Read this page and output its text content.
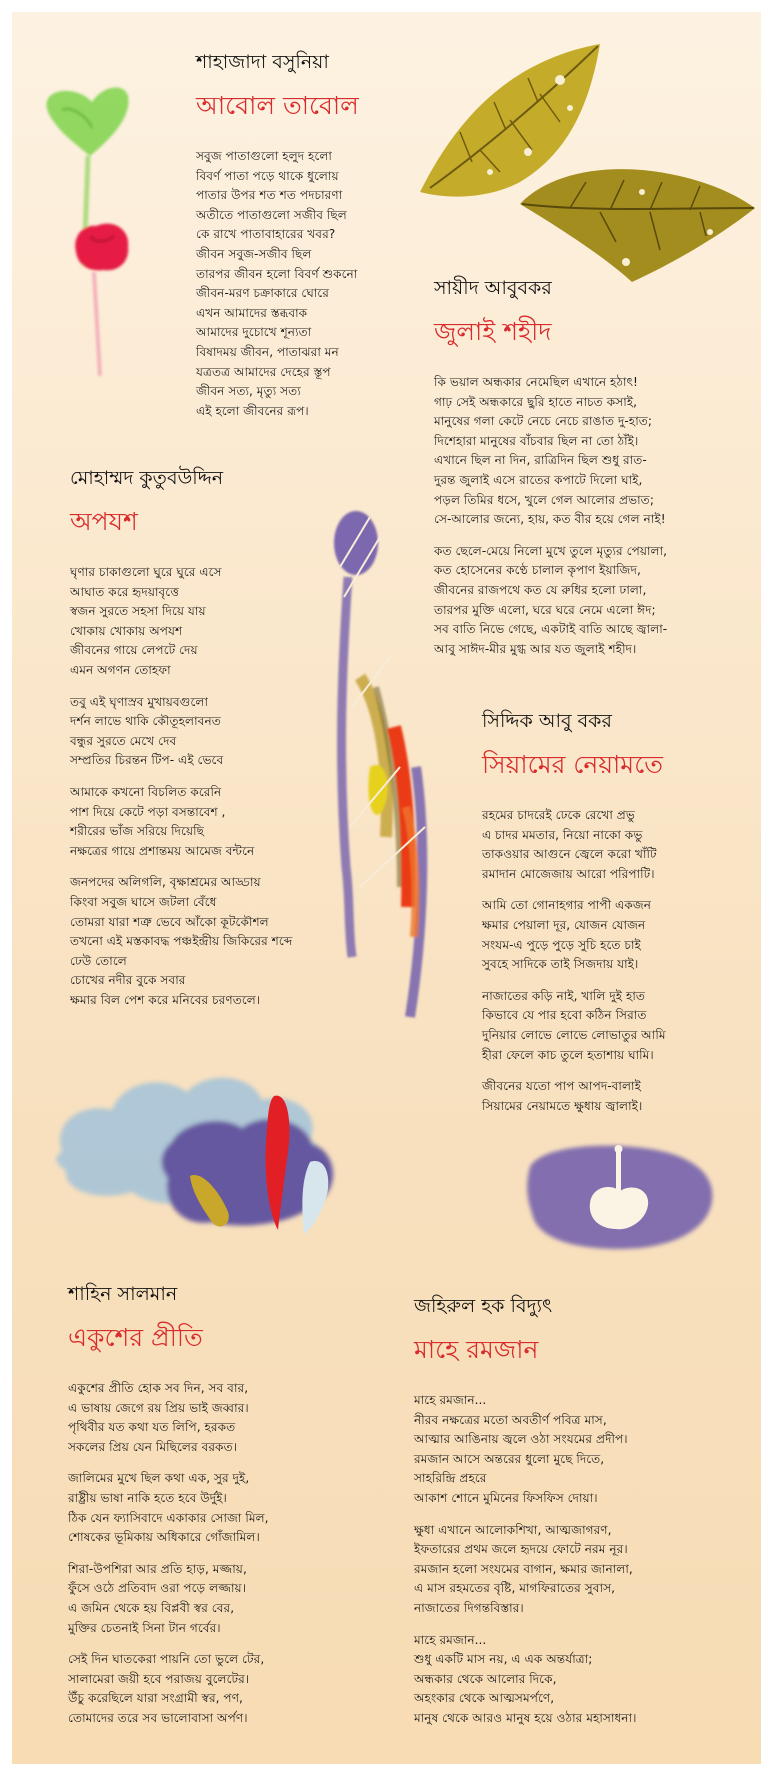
শাহাজাদা বসুনিয়া
আবোল তাবোল
সবুজ পাতাগুলো হলুদ হলো
বিবর্ণ পাতা পড়ে থাকে ধুলোয়
পাতার উপর শত শত পদচারণা
অতীতে পাতাগুলো সজীব ছিল
কে রাখে পাতাবাহারের খবর?
জীবন সবুজ-সজীব ছিল
তারপর জীবন হলো বিবর্ণ শুকনো
জীবন-মরণ চক্রাকারে ঘোরে
এখন আমাদের স্তব্ধবাক
আমাদের দুচোখে শূন্যতা
বিষাদময় জীবন, পাতাঝরা মন
যত্রতত্র আমাদের দেহের স্তূপ
জীবন সত্য, মৃত্যু সত্য
এই হলো জীবনের রূপ।
সায়ীদ আবুবকর
জুলাই শহীদ
কি ভয়াল অন্ধকার নেমেছিল এখানে হঠাৎ!
গাঢ় সেই অন্ধকারে ছুরি হাতে নাচত কসাই,
মানুষের গলা কেটে নেচে নেচে রাঙাত দু-হাত;
দিশেহারা মানুষের বাঁচবার ছিল না তো ঠাঁই।
এখানে ছিল না দিন, রাত্রিদিন ছিল শুধু রাত-
দুরন্ত জুলাই এসে রাতের কপাটে দিলো ঘাই,
পড়ল তিমির ধসে, খুলে গেল আলোর প্রভাত;
সে-আলোর জন্যে, হায়, কত বীর হয়ে গেল নাই!
কত ছেলে-মেয়ে নিলো মুখে তুলে মৃত্যুর পেয়ালা,
কত হোসেনের কণ্ঠে চালাল কৃপাণ ইয়াজিদ,
জীবনের রাজপথে কত যে রুধির হলো ঢালা,
তারপর মুক্তি এলো, ঘরে ঘরে নেমে এলো ঈদ;
সব বাতি নিভে গেছে, একটাই বাতি আছে জ্বালা-
আবু সাঈদ-মীর মুগ্ধ আর যত জুলাই শহীদ।
মোহাম্মদ কুতুবউদ্দিন
অপযশ
ঘৃণার চাকাগুলো ঘুরে ঘুরে এসে
আঘাত করে হৃদয়াবৃত্তে
স্বজন সুরতে সহসা দিয়ে যায়
খোকায় খোকায় অপযশ
জীবনের গায়ে লেপটে দেয়
এমন অগণন তোহফা
তবু এই ঘৃণাস্রব মুখায়বগুলো
দর্শন লাভে থাকি কৌতূহলাবনত
বন্ধুর সুরতে মেখে দেব
সম্প্রতির চিরন্তন টিপ- এই ভেবে
আমাকে কখনো বিচলিত করেনি
পাশ দিয়ে কেটে পড়া বসন্তাবেশ ,
শরীরের ভাঁজ সরিয়ে দিয়েছি
নক্ষত্রের গায়ে প্রশান্তময় আমেজ বন্টনে
জনপদের অলিগলি, বৃক্ষাশ্রমের আড্ডায়
কিংবা সবুজ ঘাসে জটলা বেঁধে
তোমরা যারা শত্রু ভেবে আঁকো কূটকৌশল
তখনো এই মস্তকাবদ্ধ পঞ্চইন্দ্রীয় জিকিরের শব্দে
ঢেউ তোলে
চোখের নদীর বুকে সবার
ক্ষমার বিল পেশ করে মনিবের চরণতলে।
সিদ্দিক আবু বকর
সিয়ামের নেয়ামতে
রহমের চাদরেই ঢেকে রেখো প্রভু
এ চাদর মমতার, নিয়ো নাকো কভু
তাকওয়ার আগুনে জ্বেলে করো খাঁটি
রমাদান মোজেজায় আরো পরিপাটি।
আমি তো গোনাহগার পাপী একজন
ক্ষমার পেয়ালা দূর, যোজন যোজন
সংযম-এ পুড়ে পুড়ে সুচি হতে চাই
সুবহে সাদিকে তাই সিজদায় যাই।
নাজাতের কড়ি নাই, খালি দুই হাত
কিভাবে যে পার হবো কঠিন সিরাত
দুনিয়ার লোভে লোভে লোভাতুর আমি
হীরা ফেলে কাচ তুলে হতাশায় ঘামি।
জীবনের যতো পাপ আপদ-বালাই
সিয়ামের নেয়ামতে ক্ষুধায় জ্বালাই।
শাহিন সালমান
একুশের প্রীতি
একুশের প্রীতি হোক সব দিন, সব বার,
এ ভাষায় জেগে রয় প্রিয় ভাই জব্বার।
পৃথিবীর যত কথা যত লিপি, হরকত
সকলের প্রিয় যেন মিছিলের বরকত।
জালিমের মুখে ছিল কথা এক, সুর দুই,
রাষ্ট্রীয় ভাষা নাকি হতে হবে উর্দুই।
ঠিক যেন ফ্যাসিবাদে একাকার সোজা মিল,
শোষকের ভূমিকায় অধিকারে গোঁজামিল।
শিরা-উপশিরা আর প্রতি হাড়, মজ্জায়,
ফুঁসে ওঠে প্রতিবাদ ওরা পড়ে লজ্জায়।
এ জমিন থেকে হয় বিপ্লবী স্বর বের,
মুক্তির চেতনাই সিনা টান গর্বের।
সেই দিন ঘাতকেরা পায়নি তো ভুলে টের,
সালামেরা জয়ী হবে পরাজয় বুলেটের।
উঁচু করেছিলে যারা সংগ্রামী স্বর, পণ,
তোমাদের তরে সব ভালোবাসা অর্পণ।
জহিরুল হক বিদ্যুৎ
মাহে রমজান
মাহে রমজান...
নীরব নক্ষত্রের মতো অবতীর্ণ পবিত্র মাস,
আত্মার আঙিনায় জ্বলে ওঠা সংযমের প্রদীপ।
রমজান আসে অন্তরের ধুলো মুছে দিতে,
সাহরিন্দ্রি প্রহরে
আকাশ শোনে মুমিনের ফিসফিস দোয়া।
ক্ষুধা এখানে আলোকশিখা, আত্মজাগরণ,
ইফতারের প্রথম জলে হৃদয়ে ফোটে নরম নূর।
রমজান হলো সংযমের বাগান, ক্ষমার জানালা,
এ মাস রহমতের বৃষ্টি, মাগফিরাতের সুবাস,
নাজাতের দিগন্তবিস্তার।
মাহে রমজান...
শুধু একটি মাস নয়, এ এক অন্তর্যাত্রা;
অন্ধকার থেকে আলোর দিকে,
অহংকার থেকে আত্মসমর্পণে,
মানুষ থেকে আরও মানুষ হয়ে ওঠার মহাসাধনা।
